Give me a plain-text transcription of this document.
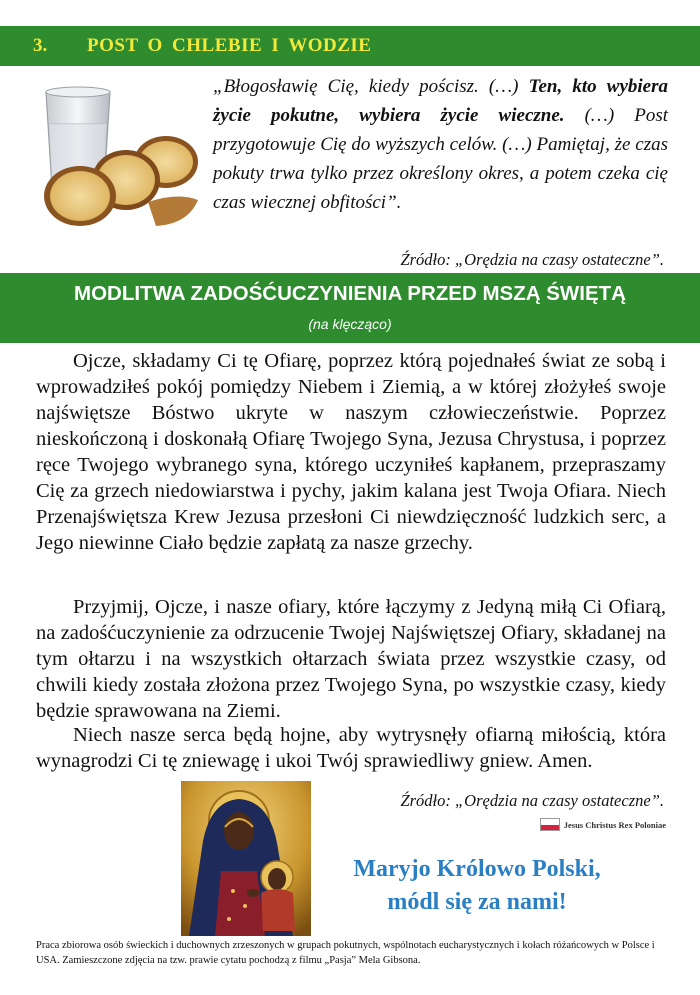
3. POST O CHLEBIE I WODZIE
„Błogosławię Cię, kiedy pościsz. (…) Ten, kto wybiera życie pokutne, wybiera życie wieczne. (…) Post przygotowuje Cię do wyższych celów. (…) Pamiętaj, że czas pokuty trwa tylko przez określony okres, a potem czeka cię czas wiecznej obfitości”.
Źródło: „Orędzia na czasy ostateczne”.
MODLITWA ZADOŚĆUCZYNIENIA PRZED MSZĄ ŚWIĘTĄ
(na klęcząco)

Ojcze, składamy Ci tę Ofiarę, poprzez którą pojednałeś świat ze sobą i wprowadziłeś pokój pomiędzy Niebem i Ziemią, a w której złożyłeś swoje najświętsze Bóstwo ukryte w naszym człowieczeństwie. Poprzez nieskończoną i doskonałą Ofiarę Twojego Syna, Jezusa Chrystusa, i poprzez ręce Twojego wybranego syna, którego uczyniłeś kapłanem, przepraszamy Cię za grzech niedowiarstwa i pychy, jakim kalana jest Twoja Ofiara. Niech Przenajświętsza Krew Jezusa przesłoni Ci niewdzięczność ludzkich serc, a Jego niewinne Ciało będzie zapłatą za nasze grzechy.

Przyjmij, Ojcze, i nasze ofiary, które łączymy z Jedyną miłą Ci Ofiarą, na zadośćuczynienie za odrzucenie Twojej Najświętszej Ofiary, składanej na tym ołtarzu i na wszystkich ołtarzach świata przez wszystkie czasy, od chwili kiedy została złożona przez Twojego Syna, po wszystkie czasy, kiedy będzie sprawowana na Ziemi.

Niech nasze serca będą hojne, aby wytrysnęły ofiarną miłością, która wynagrodzi Ci tę zniewagę i ukoi Twój sprawiedliwy gniew. Amen.

Źródło: „Orędzia na czasy ostateczne”.
Jesus Christus Rex Poloniae
Maryjo Królowo Polski,
módl się za nami!
Praca zbiorowa osób świeckich i duchownych zrzeszonych w grupach pokutnych, wspólnotach eucharystycznych i kołach różańcowych w Polsce i USA. Zamieszczone zdjęcia na tzw. prawie cytatu pochodzą z filmu „Pasja” Mela Gibsona.
